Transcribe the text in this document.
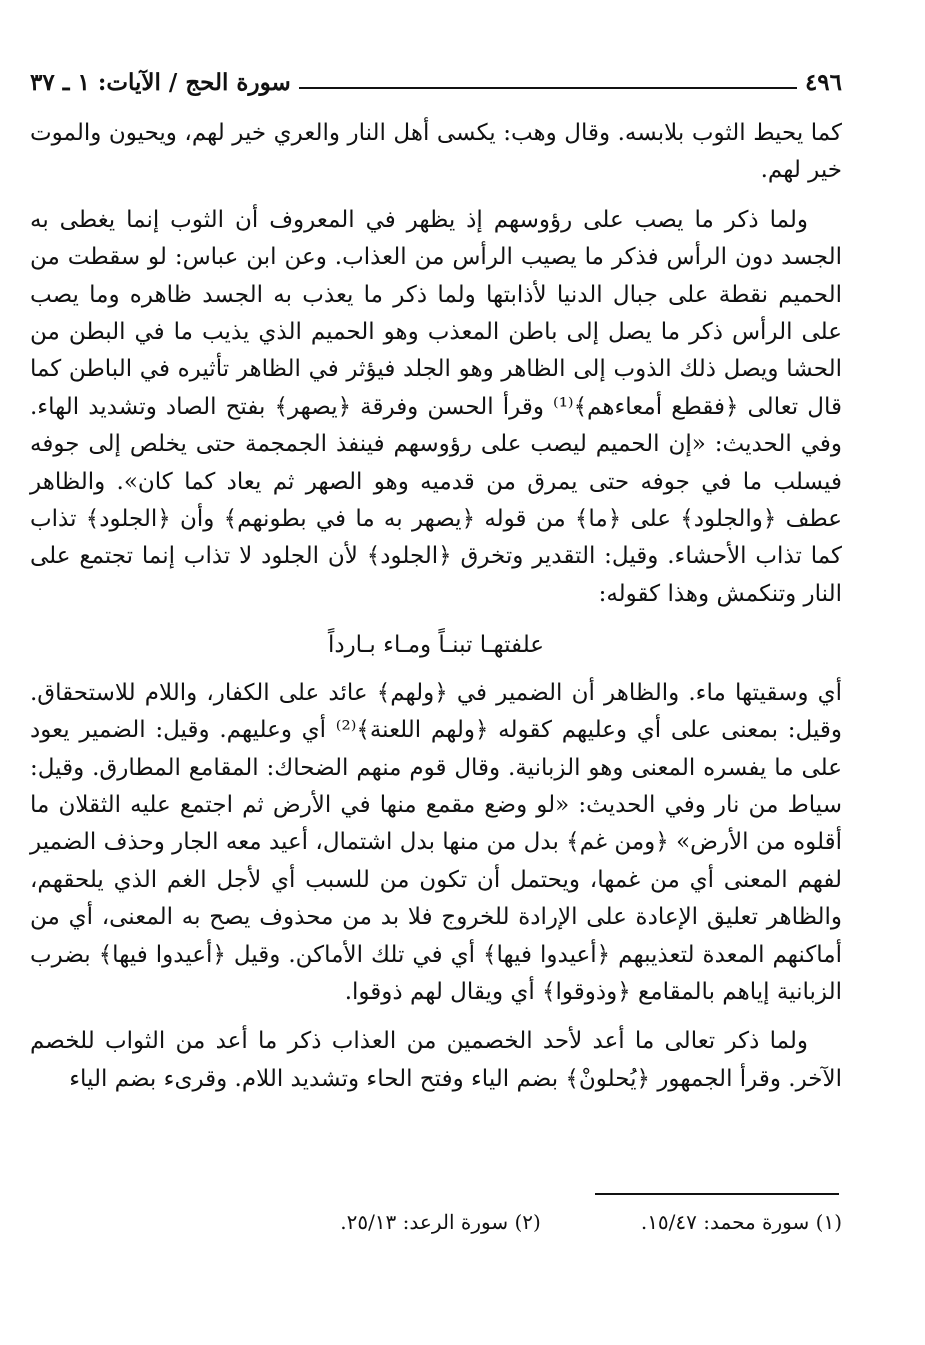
٤٩٦
سورة الحج / الآيات: ١ ـ ٣٧

كما يحيط الثوب بلابسه. وقال وهب: يكسى أهل النار والعري خير لهم، ويحيون والموت خير لهم.

ولما ذكر ما يصب على رؤوسهم إذ يظهر في المعروف أن الثوب إنما يغطى به الجسد دون الرأس فذكر ما يصيب الرأس من العذاب. وعن ابن عباس: لو سقطت من الحميم نقطة على جبال الدنيا لأذابتها ولما ذكر ما يعذب به الجسد ظاهره وما يصب على الرأس ذكر ما يصل إلى باطن المعذب وهو الحميم الذي يذيب ما في البطن من الحشا ويصل ذلك الذوب إلى الظاهر وهو الجلد فيؤثر في الظاهر تأثيره في الباطن كما قال تعالى ﴿فقطع أمعاءهم﴾⁽¹⁾ وقرأ الحسن وفرقة ﴿يصهر﴾ بفتح الصاد وتشديد الهاء. وفي الحديث: «إن الحميم ليصب على رؤوسهم فينفذ الجمجمة حتى يخلص إلى جوفه فيسلب ما في جوفه حتى يمرق من قدميه وهو الصهر ثم يعاد كما كان». والظاهر عطف ﴿والجلود﴾ على ﴿ما﴾ من قوله ﴿يصهر به ما في بطونهم﴾ وأن ﴿الجلود﴾ تذاب كما تذاب الأحشاء. وقيل: التقدير وتخرق ﴿الجلود﴾ لأن الجلود لا تذاب إنما تجتمع على النار وتنكمش وهذا كقوله:

علفتهـا تبنـاً ومـاء بـارداً

أي وسقيتها ماء. والظاهر أن الضمير في ﴿ولهم﴾ عائد على الكفار، واللام للاستحقاق. وقيل: بمعنى على أي وعليهم كقوله ﴿ولهم اللعنة﴾⁽²⁾ أي وعليهم. وقيل: الضمير يعود على ما يفسره المعنى وهو الزبانية. وقال قوم منهم الضحاك: المقامع المطارق. وقيل: سياط من نار وفي الحديث: «لو وضع مقمع منها في الأرض ثم اجتمع عليه الثقلان ما أقلوه من الأرض» ﴿ومن غم﴾ بدل من منها بدل اشتمال، أعيد معه الجار وحذف الضمير لفهم المعنى أي من غمها، ويحتمل أن تكون من للسبب أي لأجل الغم الذي يلحقهم، والظاهر تعليق الإعادة على الإرادة للخروج فلا بد من محذوف يصح به المعنى، أي من أماكنهم المعدة لتعذيبهم ﴿أعيدوا فيها﴾ أي في تلك الأماكن. وقيل ﴿أعيدوا فيها﴾ بضرب الزبانية إياهم بالمقامع ﴿وذوقوا﴾ أي ويقال لهم ذوقوا.

ولما ذكر تعالى ما أعد لأحد الخصمين من العذاب ذكر ما أعد من الثواب للخصم الآخر. وقرأ الجمهور ﴿يُحلونْ﴾ بضم الياء وفتح الحاء وتشديد اللام. وقرىء بضم الياء

(١) سورة محمد: ١٥/٤٧.
(٢) سورة الرعد: ٢٥/١٣.
